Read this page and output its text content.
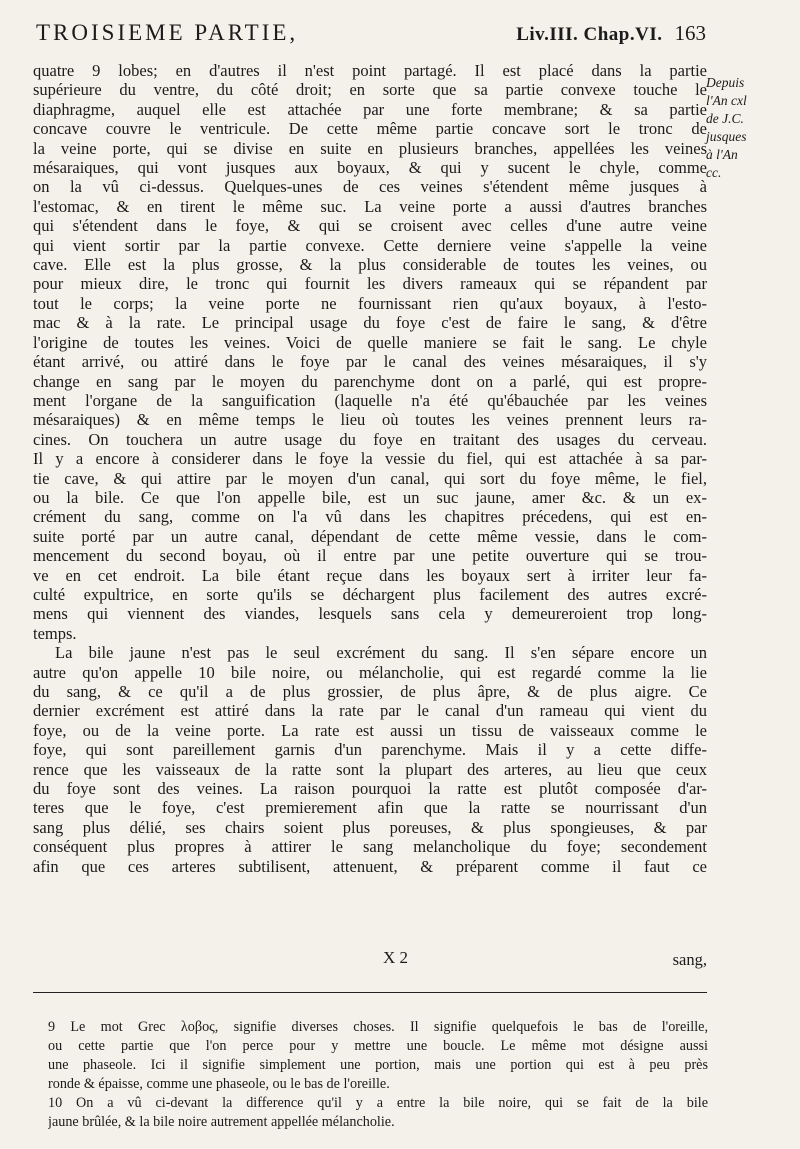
TROISIEME PARTIE,	Liv.III. Chap.VI. 163
Depuis
l'An cxl
de J.C.
jusques
à l'An
cc.
quatre 9 lobes; en d'autres il n'est point partagé. Il est placé dans la partie
supérieure du ventre, du côté droit; en sorte que sa partie convexe touche le
diaphragme, auquel elle est attachée par une forte membrane; & sa partie
concave couvre le ventricule. De cette même partie concave sort le tronc de
la veine porte, qui se divise en suite en plusieurs branches, appellées les veines
mésaraiques, qui vont jusques aux boyaux, & qui y sucent le chyle, comme
on la vû ci-dessus. Quelques-unes de ces veines s'étendent même jusques à
l'estomac, & en tirent le même suc. La veine porte a aussi d'autres branches
qui s'étendent dans le foye, & qui se croisent avec celles d'une autre veine
qui vient sortir par la partie convexe. Cette derniere veine s'appelle la veine
cave. Elle est la plus grosse, & la plus considerable de toutes les veines, ou
pour mieux dire, le tronc qui fournit les divers rameaux qui se répandent par
tout le corps; la veine porte ne fournissant rien qu'aux boyaux, à l'esto-
mac & à la rate. Le principal usage du foye c'est de faire le sang, & d'être
l'origine de toutes les veines. Voici de quelle maniere se fait le sang. Le chyle
étant arrivé, ou attiré dans le foye par le canal des veines mésaraiques, il s'y
change en sang par le moyen du parenchyme dont on a parlé, qui est propre-
ment l'organe de la sanguification (laquelle n'a été qu'ébauchée par les veines
mésaraiques) & en même temps le lieu où toutes les veines prennent leurs ra-
cines. On touchera un autre usage du foye en traitant des usages du cerveau.
Il y a encore à considerer dans le foye la vessie du fiel, qui est attachée à sa par-
tie cave, & qui attire par le moyen d'un canal, qui sort du foye même, le fiel,
ou la bile. Ce que l'on appelle bile, est un suc jaune, amer &c. & un ex-
crément du sang, comme on l'a vû dans les chapitres précedens, qui est en-
suite porté par un autre canal, dépendant de cette même vessie, dans le com-
mencement du second boyau, où il entre par une petite ouverture qui se trou-
ve en cet endroit. La bile étant reçue dans les boyaux sert à irriter leur fa-
culté expultrice, en sorte qu'ils se déchargent plus facilement des autres excré-
mens qui viennent des viandes, lesquels sans cela y demeureroient trop long-
temps.
La bile jaune n'est pas le seul excrément du sang. Il s'en sépare encore un
autre qu'on appelle 10 bile noire, ou mélancholie, qui est regardé comme la lie
du sang, & ce qu'il a de plus grossier, de plus âpre, & de plus aigre. Ce
dernier excrément est attiré dans la rate par le canal d'un rameau qui vient du
foye, ou de la veine porte. La rate est aussi un tissu de vaisseaux comme le
foye, qui sont pareillement garnis d'un parenchyme. Mais il y a cette diffe-
rence que les vaisseaux de la ratte sont la plupart des arteres, au lieu que ceux
du foye sont des veines. La raison pourquoi la ratte est plutôt composée d'ar-
teres que le foye, c'est premierement afin que la ratte se nourrissant d'un
sang plus délié, ses chairs soient plus poreuses, & plus spongieuses, & par
conséquent plus propres à attirer le sang melancholique du foye; secondement
afin que ces arteres subtilisent, attenuent, & préparent comme il faut ce
X 2	sang,
9 Le mot Grec λοβος, signifie diverses choses. Il signifie quelquefois le bas de l'oreille,
ou cette partie que l'on perce pour y mettre une boucle. Le même mot désigne aussi
une phaseole. Ici il signifie simplement une portion, mais une portion qui est à peu près
ronde & épaisse, comme une phaseole, ou le bas de l'oreille.
10 On a vû ci-devant la difference qu'il y a entre la bile noire, qui se fait de la bile
jaune brûlée, & la bile noire autrement appellée mélancholie.
